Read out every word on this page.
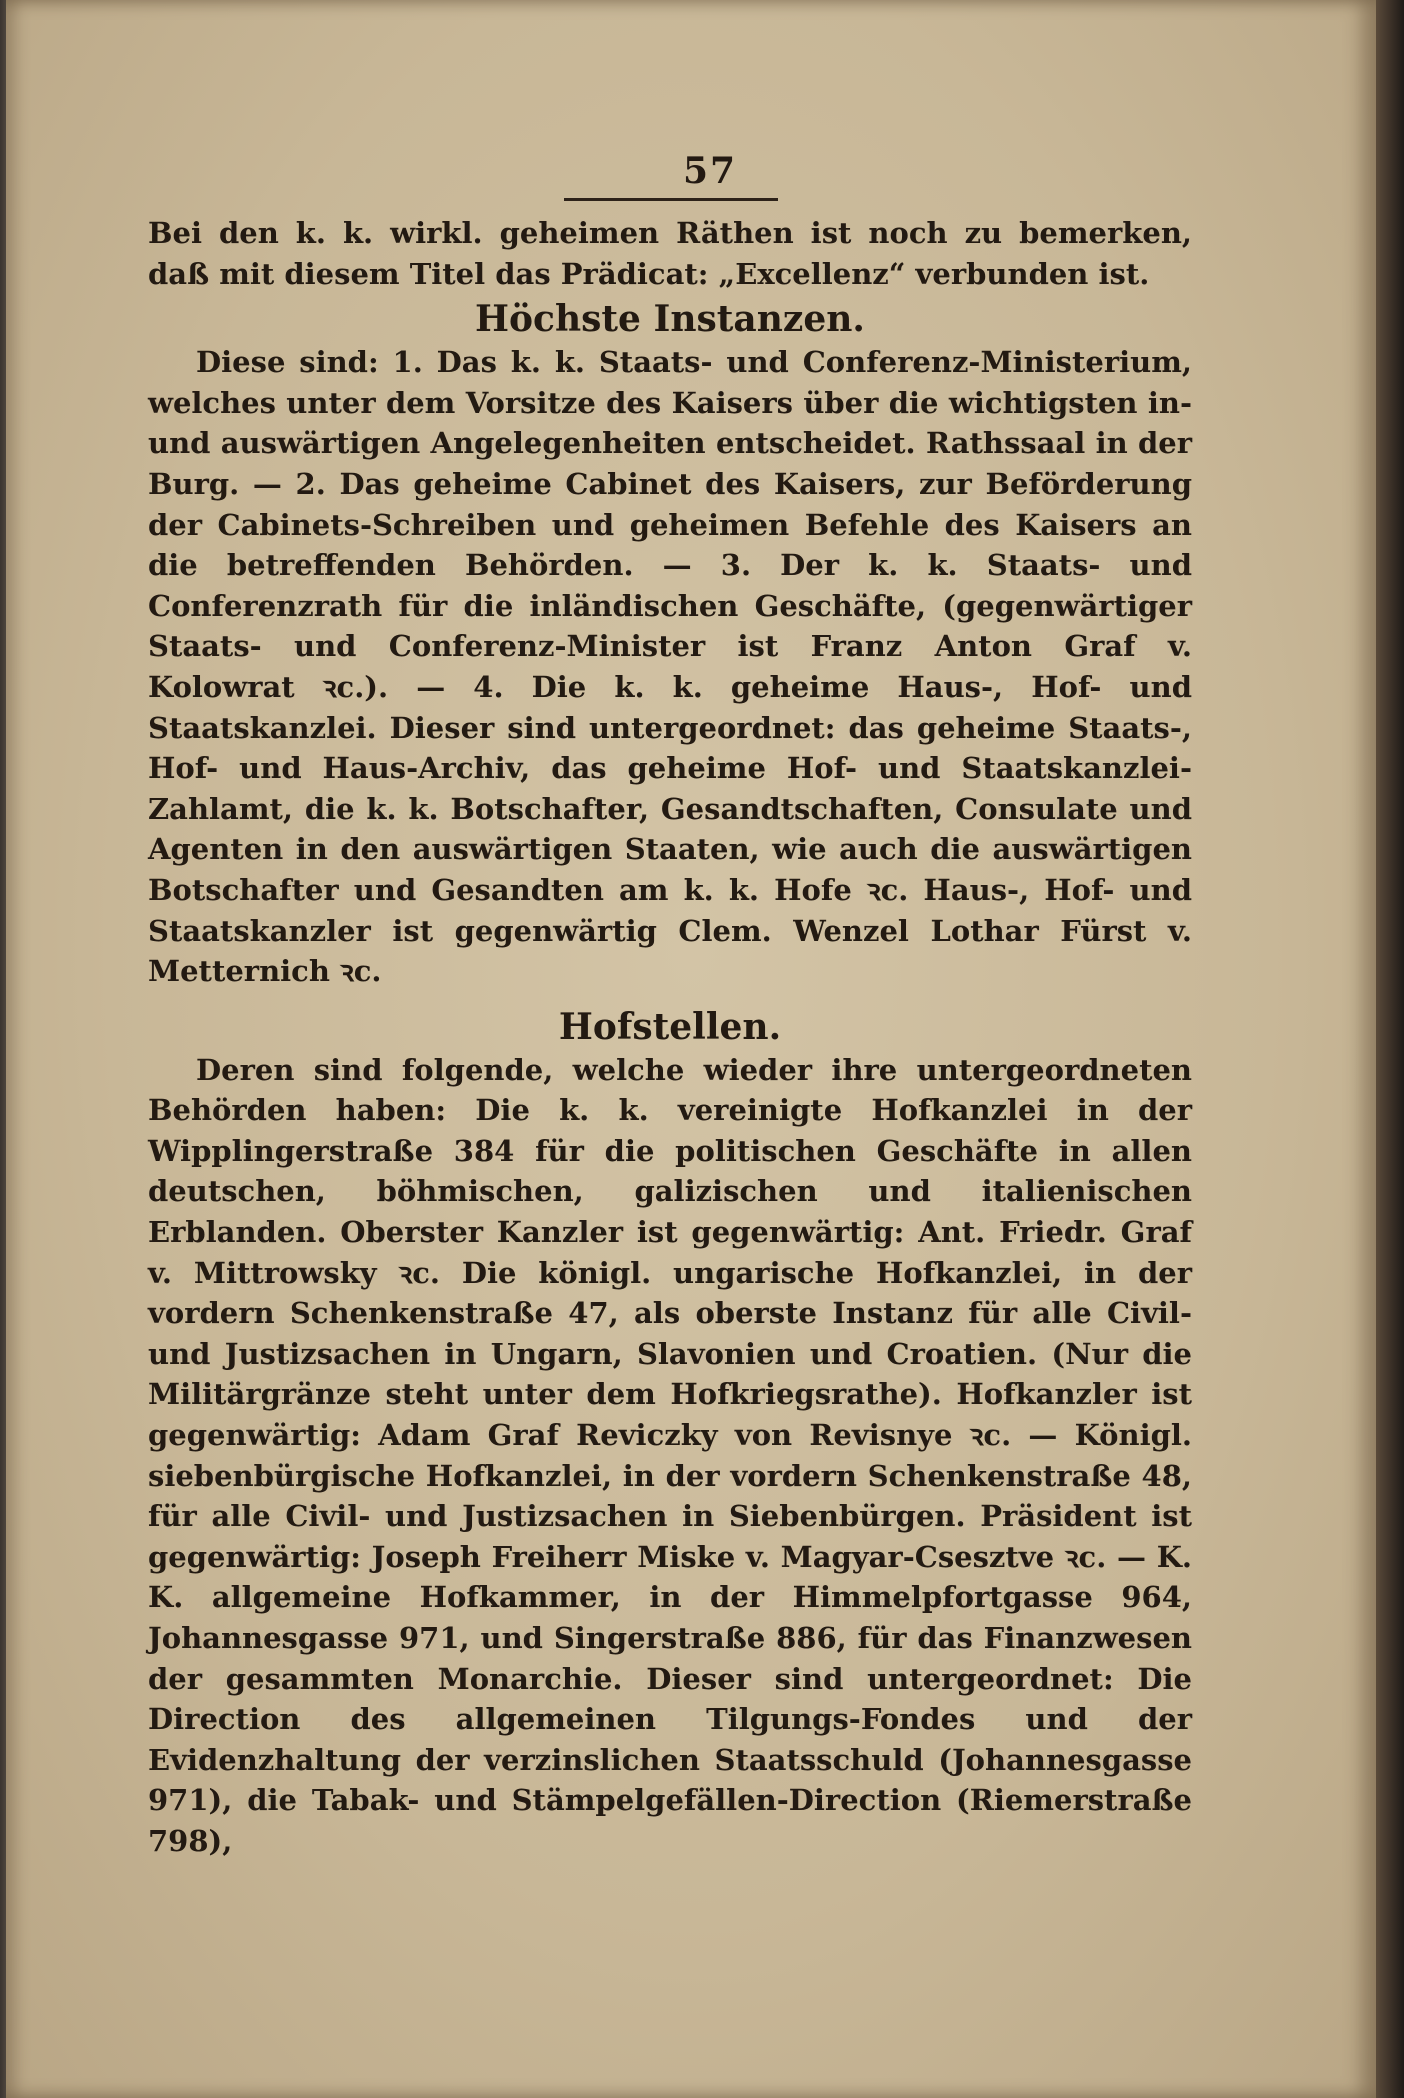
57
Bei den k. k. wirkl. geheimen Räthen ist noch zu bemerken, daß mit diesem Titel das Prädicat: „Excellenz“ verbunden ist.
Höchste Instanzen.
Diese sind: 1. Das k. k. Staats- und Conferenz-Ministerium, welches unter dem Vorsitze des Kaisers über die wichtigsten in- und auswärtigen Angelegenheiten entscheidet. Rathssaal in der Burg. — 2. Das geheime Cabinet des Kaisers, zur Beförderung der Cabinets-Schreiben und geheimen Befehle des Kaisers an die betreffenden Behörden. — 3. Der k. k. Staats- und Conferenzrath für die inländischen Geschäfte, (gegenwärtiger Staats- und Conferenz-Minister ist Franz Anton Graf v. Kolowrat ꝛc.). — 4. Die k. k. geheime Haus-, Hof- und Staatskanzlei. Dieser sind untergeordnet: das geheime Staats-, Hof- und Haus-Archiv, das geheime Hof- und Staatskanzlei-Zahlamt, die k. k. Botschafter, Gesandtschaften, Consulate und Agenten in den auswärtigen Staaten, wie auch die auswärtigen Botschafter und Gesandten am k. k. Hofe ꝛc. Haus-, Hof- und Staatskanzler ist gegenwärtig Clem. Wenzel Lothar Fürst v. Metternich ꝛc.
Hofstellen.
Deren sind folgende, welche wieder ihre untergeordneten Behörden haben: Die k. k. vereinigte Hofkanzlei in der Wipplingerstraße 384 für die politischen Geschäfte in allen deutschen, böhmischen, galizischen und italienischen Erblanden. Oberster Kanzler ist gegenwärtig: Ant. Friedr. Graf v. Mittrowsky ꝛc. Die königl. ungarische Hofkanzlei, in der vordern Schenkenstraße 47, als oberste Instanz für alle Civil- und Justizsachen in Ungarn, Slavonien und Croatien. (Nur die Militärgränze steht unter dem Hofkriegsrathe). Hofkanzler ist gegenwärtig: Adam Graf Reviczky von Revisnye ꝛc. — Königl. siebenbürgische Hofkanzlei, in der vordern Schenkenstraße 48, für alle Civil- und Justizsachen in Siebenbürgen. Präsident ist gegenwärtig: Joseph Freiherr Miske v. Magyar-Csesztve ꝛc. — K. K. allgemeine Hofkammer, in der Himmelpfortgasse 964, Johannesgasse 971, und Singerstraße 886, für das Finanzwesen der gesammten Monarchie. Dieser sind untergeordnet: Die Direction des allgemeinen Tilgungs-Fondes und der Evidenzhaltung der verzinslichen Staatsschuld (Johannesgasse 971), die Tabak- und Stämpelgefällen-Direction (Riemerstraße 798),
